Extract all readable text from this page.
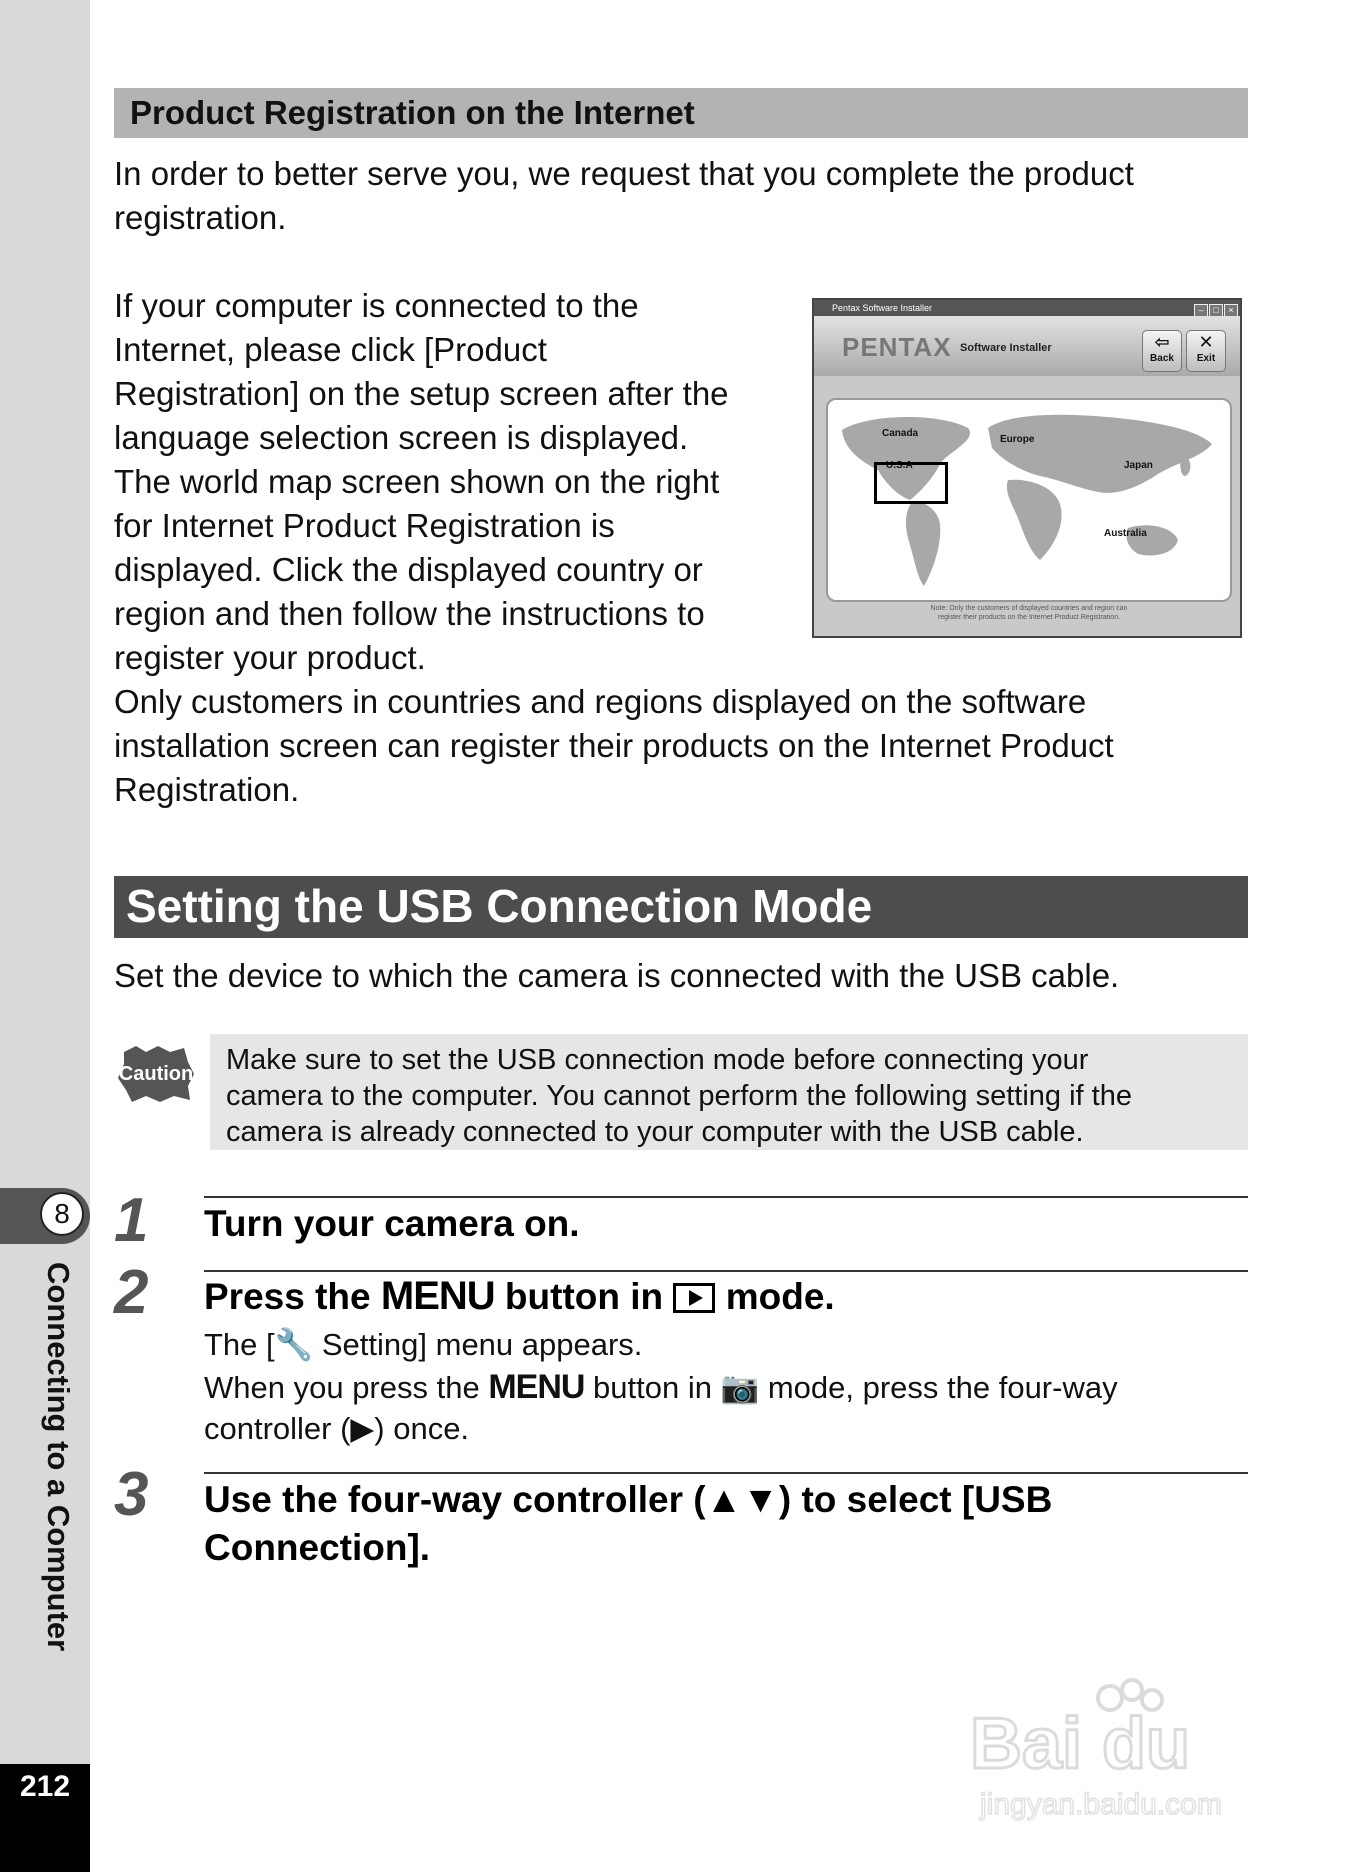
8
Connecting to a Computer
212
Product Registration on the Internet

In order to better serve you, we request that you complete the product

registration.

If your computer is connected to the

Internet, please click [Product

Registration] on the setup screen after the

language selection screen is displayed.

The world map screen shown on the right

for Internet Product Registration is

displayed. Click the displayed country or

region and then follow the instructions to

register your product.

Only customers in countries and regions displayed on the software

installation screen can register their products on the Internet Product

Registration.

Pentax Software Installer	– □ ×
PENTAX Software Installer	⇦
Back
✕
Exit
Canada
U.S.A
Europe
Japan
Australia
Note: Only the customers of displayed countries and region can
register their products on the Internet Product Registration.
Setting the USB Connection Mode

Set the device to which the camera is connected with the USB cable.

Caution Make sure to set the USB connection mode before connecting your
camera to the computer. You cannot perform the following setting if the
camera is already connected to your computer with the USB cable.
1 Turn your camera on.
2 Press the MENU button in  mode.
The [🔧 Setting] menu appears.
When you press the MENU button in 📷 mode, press the four-way
controller (▶) once.
3 Use the four-way controller (▲▼) to select [USB
Connection].
Bai du
jingyan.baidu.com
